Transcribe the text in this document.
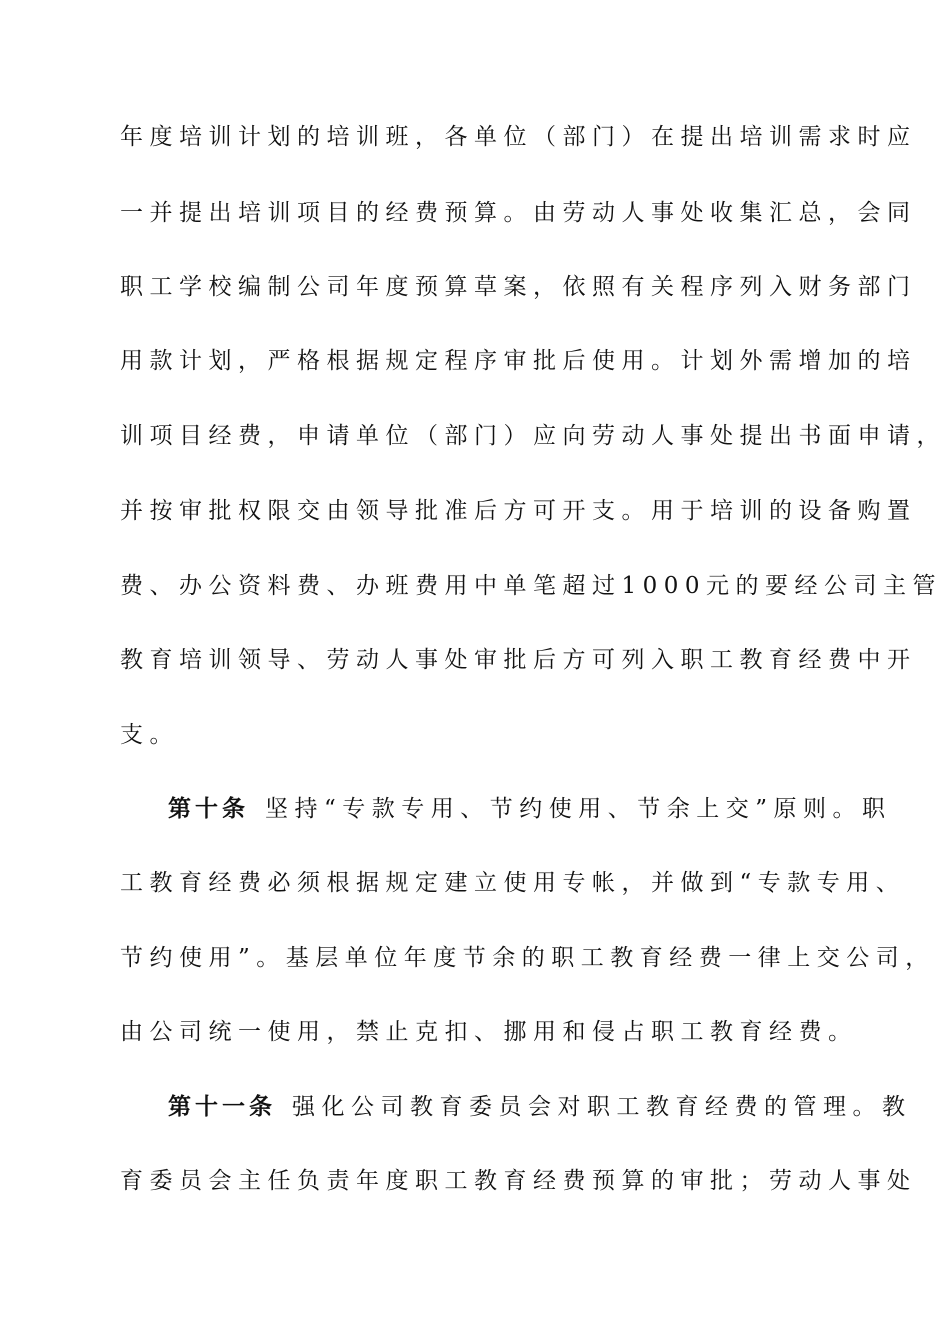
年度培训计划的培训班，各单位（部门）在提出培训需求时应
一并提出培训项目的经费预算。由劳动人事处收集汇总，会同
职工学校编制公司年度预算草案，依照有关程序列入财务部门
用款计划，严格根据规定程序审批后使用。计划外需增加的培
训项目经费，申请单位（部门）应向劳动人事处提出书面申请，
并按审批权限交由领导批准后方可开支。用于培训的设备购置
费、办公资料费、办班费用中单笔超过1000元的要经公司主管
教育培训领导、劳动人事处审批后方可列入职工教育经费中开
支。
第十条 坚持“专款专用、节约使用、节余上交”原则。职
工教育经费必须根据规定建立使用专帐，并做到“专款专用、
节约使用”。基层单位年度节余的职工教育经费一律上交公司，
由公司统一使用，禁止克扣、挪用和侵占职工教育经费。
第十一条 强化公司教育委员会对职工教育经费的管理。教
育委员会主任负责年度职工教育经费预算的审批；劳动人事处
